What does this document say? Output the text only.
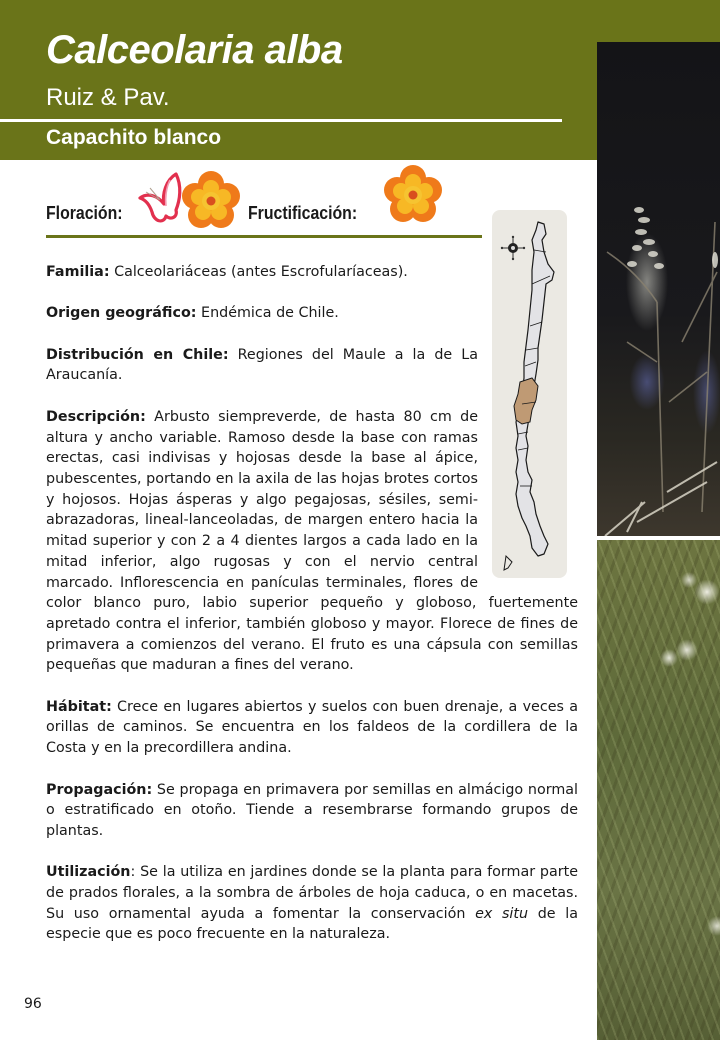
Calceolaria alba
Ruiz & Pav.
Capachito blanco
Floración:	Fructificación:

Familia: Calceolariáceas (antes Escrofularíaceas).

Origen geográfico: Endémica de Chile.

Distribución en Chile: Regiones del Maule a la de La Araucanía.

Descripción: Arbusto siempreverde, de hasta 80 cm de altura y ancho variable. Ramoso desde la base con ramas erectas, casi indivisas y hojosas desde la base al ápice, pubescentes, portando en la axila de las hojas brotes cortos y hojosos. Hojas ásperas y algo pegajosas, sésiles, semi-abrazadoras, lineal-lanceoladas, de margen entero hacia la mitad superior y con 2 a 4 dientes largos a cada lado en la mitad inferior, algo rugosas y con el nervio central marcado. Inflorescencia en panículas terminales, flores de color blanco puro, labio superior pequeño y globoso, fuertemente apretado contra el inferior, también globoso y mayor. Florece de fines de primavera a comienzos del verano. El fruto es una cápsula con semillas pequeñas que maduran a fines del verano.

Hábitat: Crece en lugares abiertos y suelos con buen drenaje, a veces a orillas de caminos. Se encuentra en los faldeos de la cordillera de la Costa y en la precordillera andina.

Propagación: Se propaga en primavera por semillas en almácigo normal o estratificado en otoño. Tiende a resembrarse formando grupos de plantas.

Utilización: Se la utiliza en jardines donde se la planta para formar parte de prados florales, a la sombra de árboles de hoja caduca, o en macetas. Su uso ornamental ayuda a fomentar la conservación ex situ de la especie que es poco frecuente en la naturaleza.

96
